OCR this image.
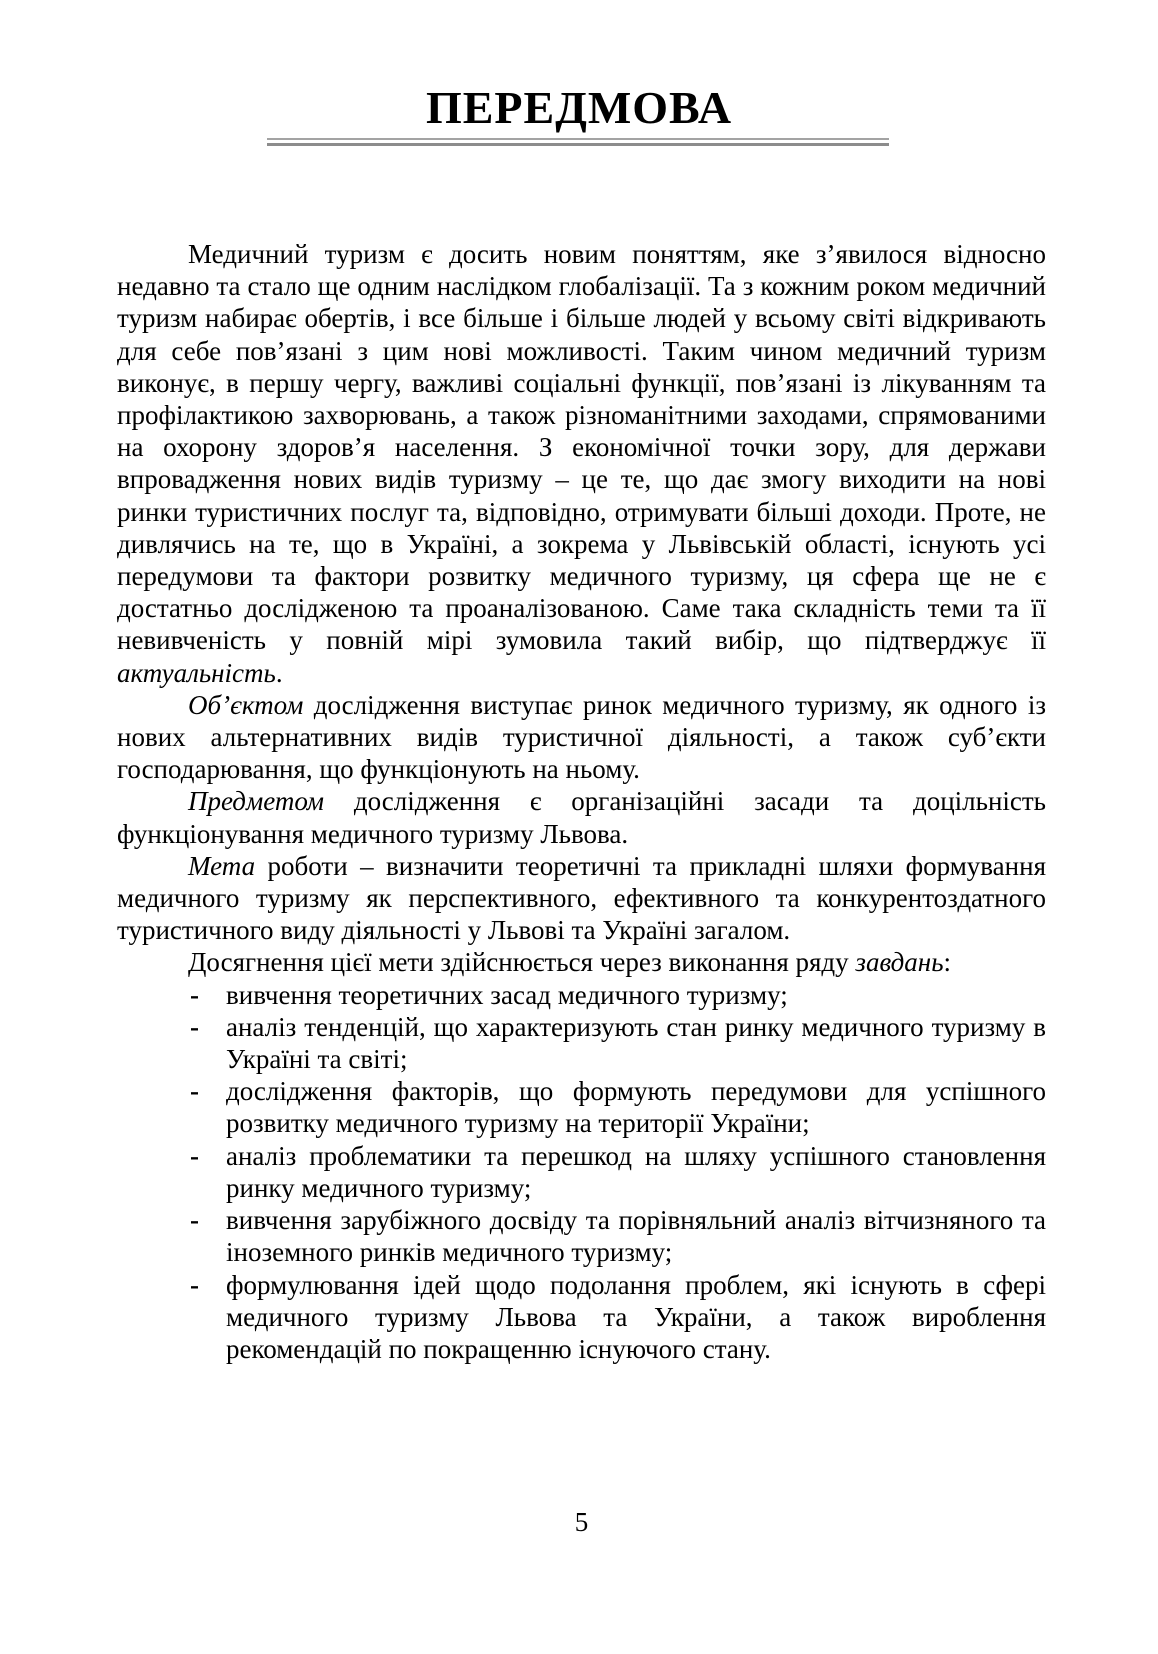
ПЕРЕДМОВА

Медичний туризм є досить новим поняттям, яке з’явилося відносно недавно та стало ще одним наслідком глобалізації. Та з кожним роком медичний туризм набирає обертів, і все більше і більше людей у всьому світі відкривають для себе пов’язані з цим нові можливості. Таким чином медичний туризм виконує, в першу чергу, важливі соціальні функції, пов’язані із лікуванням та профілактикою захворювань, а також різноманітними заходами, спрямованими на охорону здоров’я населення. З економічної точки зору, для держави впровадження нових видів туризму – це те, що дає змогу виходити на нові ринки туристичних послуг та, відповідно, отримувати більші доходи. Проте, не дивлячись на те, що в Україні, а зокрема у Львівській області, існують усі передумови та фактори розвитку медичного туризму, ця сфера ще не є достатньо дослідженою та проаналізованою. Саме така складність теми та її невивченість у повній мірі зумовила такий вибір, що підтверджує її актуальність.

Об’єктом дослідження виступає ринок медичного туризму, як одного із нових альтернативних видів туристичної діяльності, а також суб’єкти господарювання, що функціонують на ньому.

Предметом дослідження є організаційні засади та доцільність функціонування медичного туризму Львова.

Мета роботи – визначити теоретичні та прикладні шляхи формування медичного туризму як перспективного, ефективного та конкурентоздатного туристичного виду діяльності у Львові та Україні загалом.

Досягнення цієї мети здійснюється через виконання ряду завдань:

- вивчення теоретичних засад медичного туризму;
- аналіз тенденцій, що характеризують стан ринку медичного туризму в Україні та світі;
- дослідження факторів, що формують передумови для успішного розвитку медичного туризму на території України;
- аналіз проблематики та перешкод на шляху успішного становлення ринку медичного туризму;
- вивчення зарубіжного досвіду та порівняльний аналіз вітчизняного та іноземного ринків медичного туризму;
- формулювання ідей щодо подолання проблем, які існують в сфері медичного туризму Львова та України, а також вироблення рекомендацій по покращенню існуючого стану.
5
